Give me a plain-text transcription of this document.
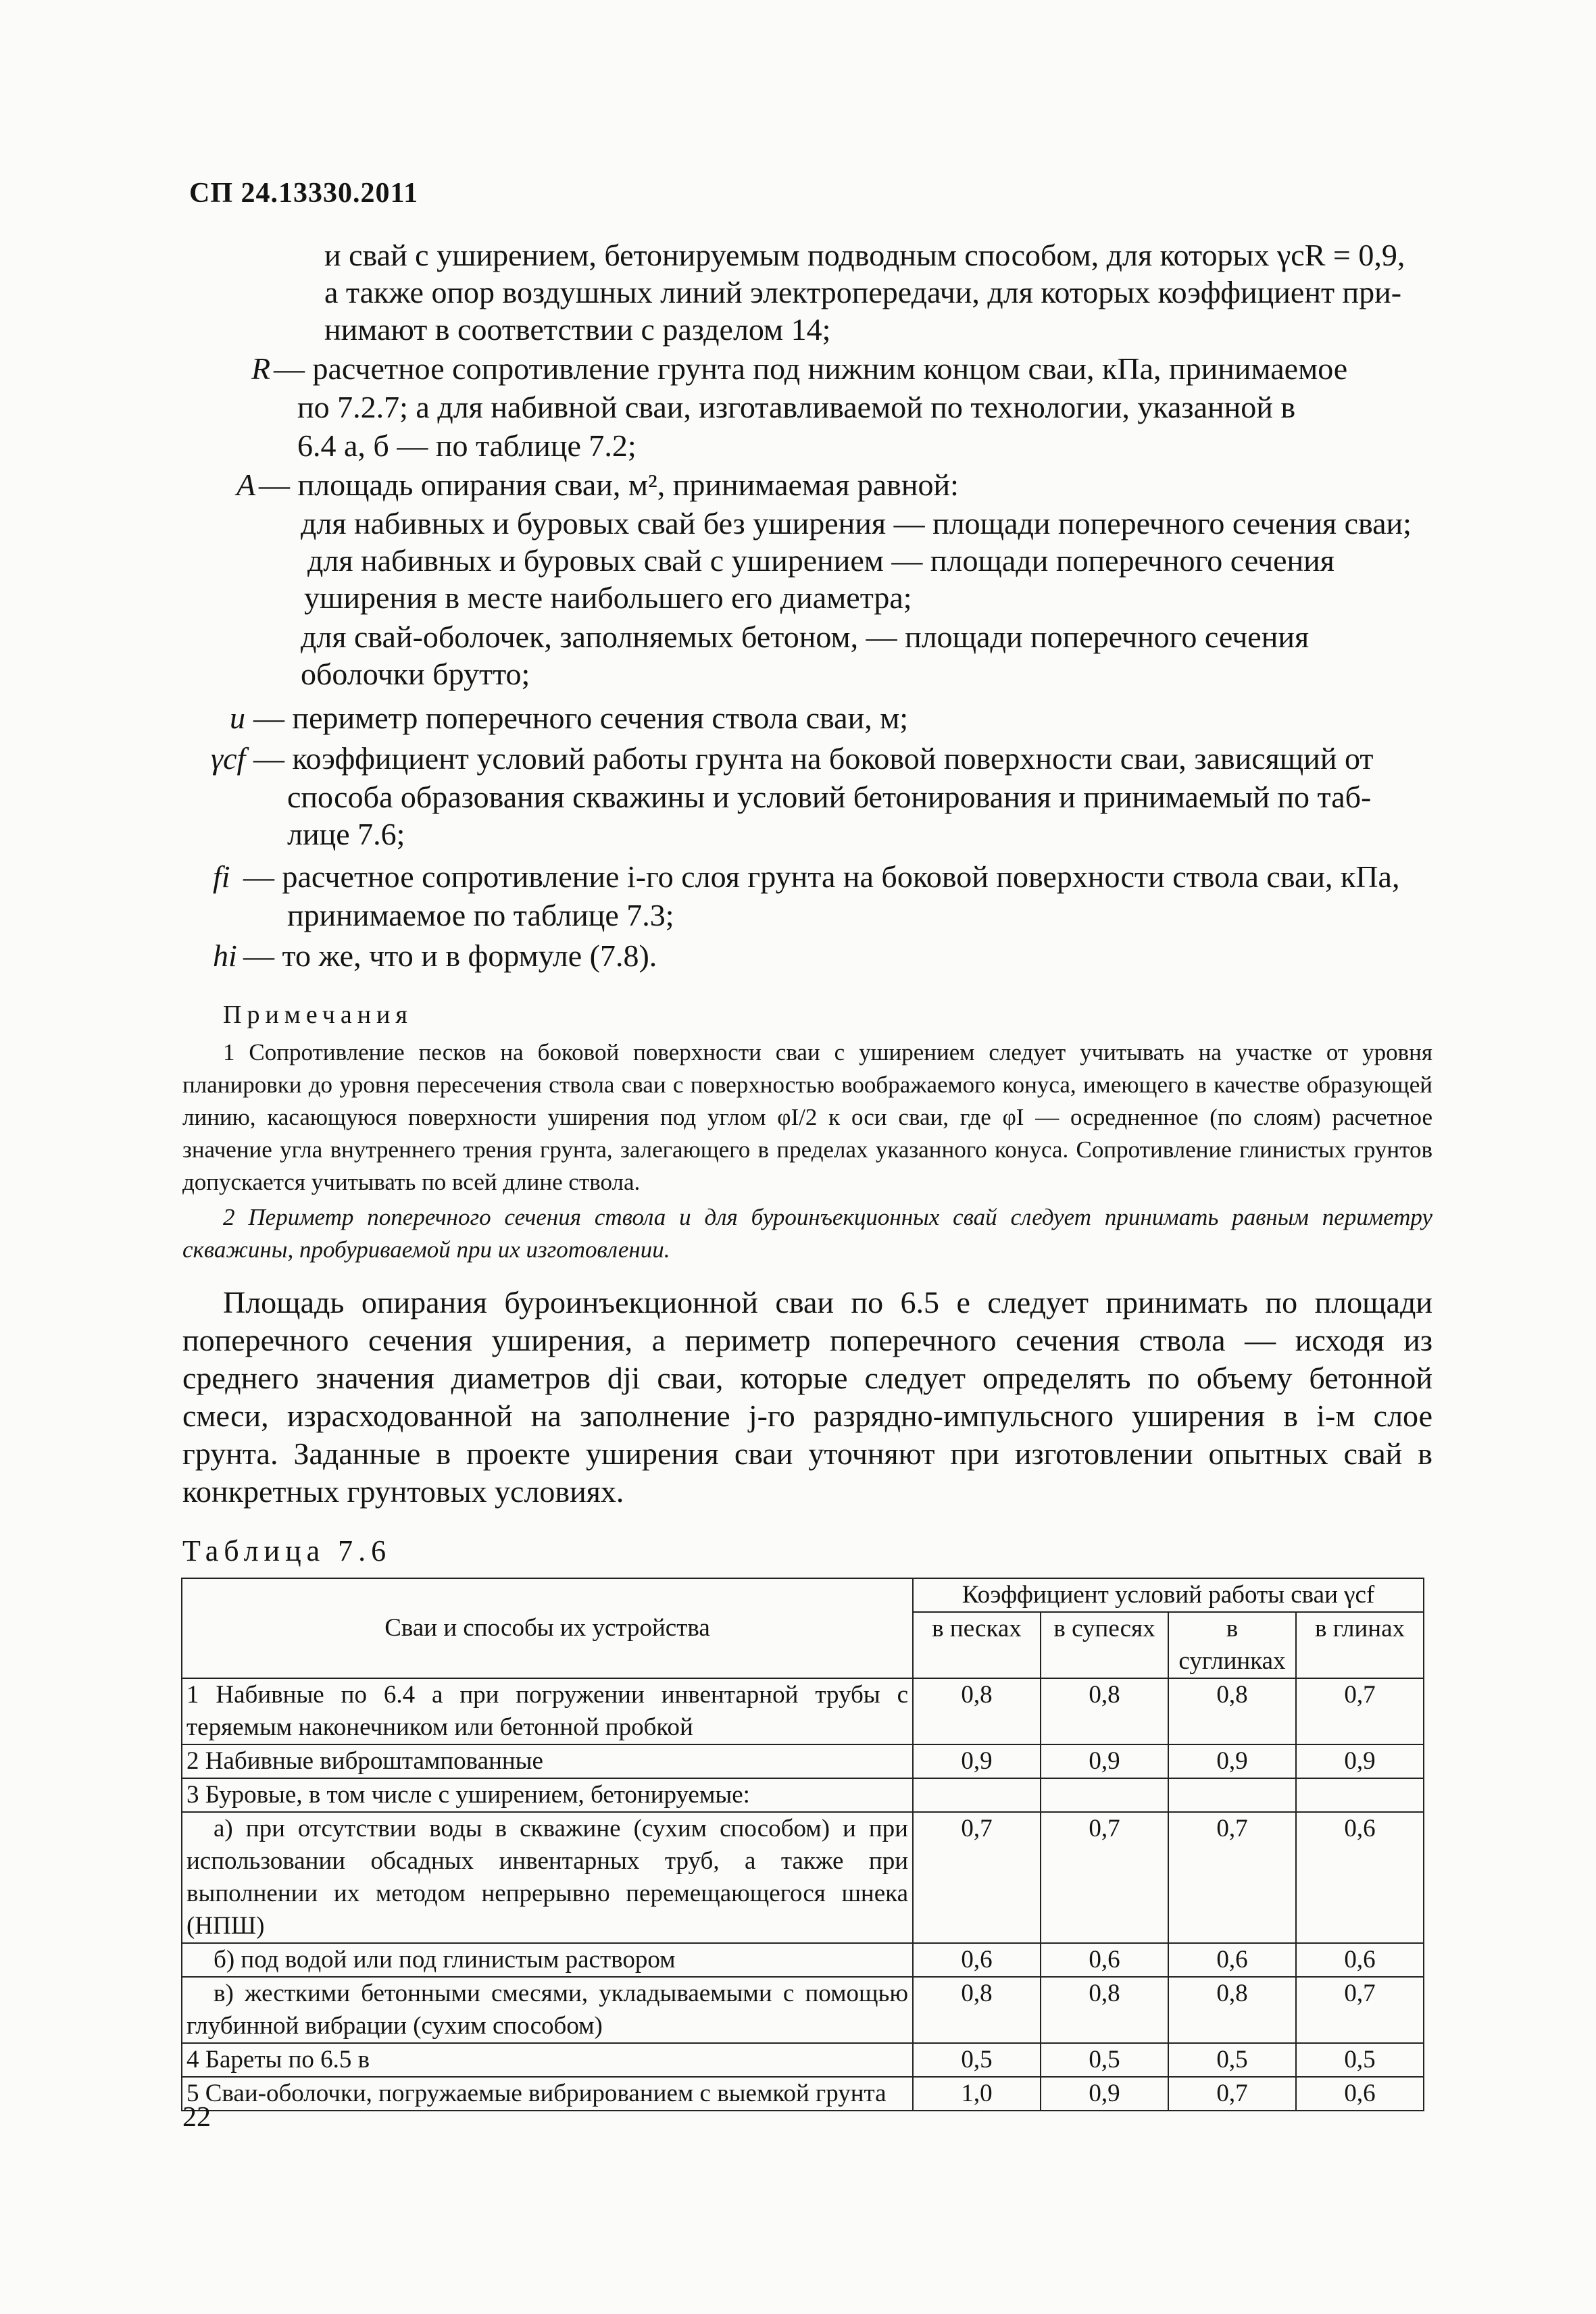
СП 24.13330.2011
и свай с уширением, бетонируемым подводным способом, для которых γcR = 0,9,
а также опор воздушных линий электропередачи, для которых коэффициент при-
нимают в соответствии с разделом 14;
R — расчетное сопротивление грунта под нижним концом сваи, кПа, принимаемое
по 7.2.7; а для набивной сваи, изготавливаемой по технологии, указанной в
6.4 а, б — по таблице 7.2;
A — площадь опирания сваи, м², принимаемая равной:
для набивных и буровых свай без уширения — площади поперечного сечения сваи;
для набивных и буровых свай с уширением — площади поперечного сечения
уширения в месте наибольшего его диаметра;
для свай-оболочек, заполняемых бетоном, — площади поперечного сечения
оболочки брутто;
u — периметр поперечного сечения ствола сваи, м;
γcf — коэффициент условий работы грунта на боковой поверхности сваи, зависящий от
способа образования скважины и условий бетонирования и принимаемый по таб-
лице 7.6;
fi — расчетное сопротивление i-го слоя грунта на боковой поверхности ствола сваи, кПа,
принимаемое по таблице 7.3;
hi — то же, что и в формуле (7.8).
Примечания

1 Сопротивление песков на боковой поверхности сваи с уширением следует учитывать на участке от уровня планировки до уровня пересечения ствола сваи с поверхностью воображаемого конуса, имеющего в качестве образующей линию, касающуюся поверхности уширения под углом φI/2 к оси сваи, где φI — осредненное (по слоям) расчетное значение угла внутреннего трения грунта, залегающего в пределах указанного конуса. Сопротивление глинистых грунтов допускается учитывать по всей длине ствола.

2 Периметр поперечного сечения ствола u для буроинъекционных свай следует принимать равным периметру скважины, пробуриваемой при их изготовлении.

Площадь опирания буроинъекционной сваи по 6.5 е следует принимать по площади поперечного сечения уширения, а периметр поперечного сечения ствола — исходя из среднего значения диаметров dji сваи, которые следует определять по объему бетонной смеси, израсходованной на заполнение j-го разрядно-импульсного уширения в i-м слое грунта. Заданные в проекте уширения сваи уточняют при изготовлении опытных свай в конкретных грунтовых условиях.

Таблица 7.6
Сваи и способы их устройства	Коэффициент условий работы сваи γcf			
	в песках	в супесях	в суглинках	в глинах
1 Набивные по 6.4 а при погружении инвентарной трубы с теряемым наконечником или бетонной пробкой	0,8	0,8	0,8	0,7
2 Набивные виброштампованные	0,9	0,9	0,9	0,9
3 Буровые, в том числе с уширением, бетонируемые:				
а) при отсутствии воды в скважине (сухим способом) и при использовании обсадных инвентарных труб, а также при выполнении их методом непрерывно перемещающегося шнека (НПШ)	0,7	0,7	0,7	0,6
б) под водой или под глинистым раствором	0,6	0,6	0,6	0,6
в) жесткими бетонными смесями, укладываемыми с помощью глубинной вибрации (сухим способом)	0,8	0,8	0,8	0,7
4 Бареты по 6.5 в	0,5	0,5	0,5	0,5
5 Сваи-оболочки, погружаемые вибрированием с выемкой грунта	1,0	0,9	0,7	0,6
22
